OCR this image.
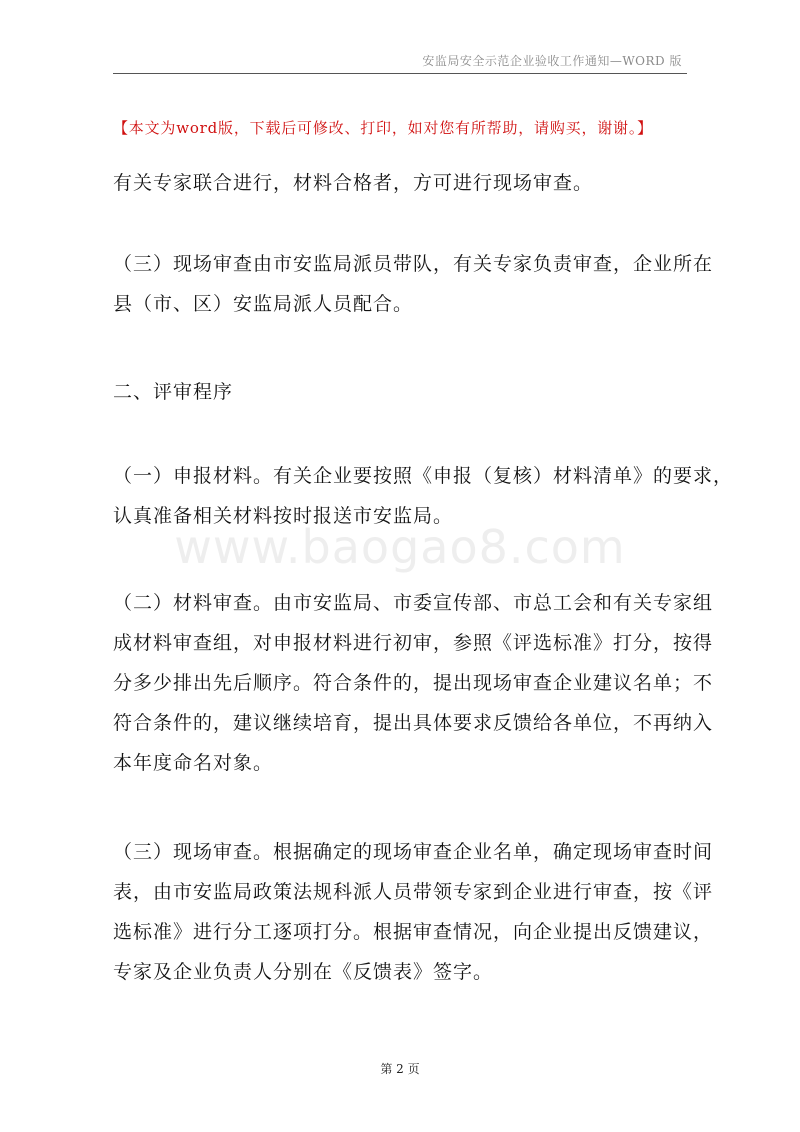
安监局安全示范企业验收工作通知—WORD 版
【本文为word版，下载后可修改、打印，如对您有所帮助，请购买，谢谢。】
www.baogao8.com
有关专家联合进行，材料合格者，方可进行现场审查。
（三）现场审查由市安监局派员带队，有关专家负责审查，企业所在
县（市、区）安监局派人员配合。
二、评审程序
（一）申报材料。有关企业要按照《申报（复核）材料清单》的要求，
认真准备相关材料按时报送市安监局。
（二）材料审查。由市安监局、市委宣传部、市总工会和有关专家组
成材料审查组，对申报材料进行初审，参照《评选标准》打分，按得
分多少排出先后顺序。符合条件的，提出现场审查企业建议名单；不
符合条件的，建议继续培育，提出具体要求反馈给各单位，不再纳入
本年度命名对象。
（三）现场审查。根据确定的现场审查企业名单，确定现场审查时间
表，由市安监局政策法规科派人员带领专家到企业进行审查，按《评
选标准》进行分工逐项打分。根据审查情况，向企业提出反馈建议，
专家及企业负责人分别在《反馈表》签字。
第 2 页
